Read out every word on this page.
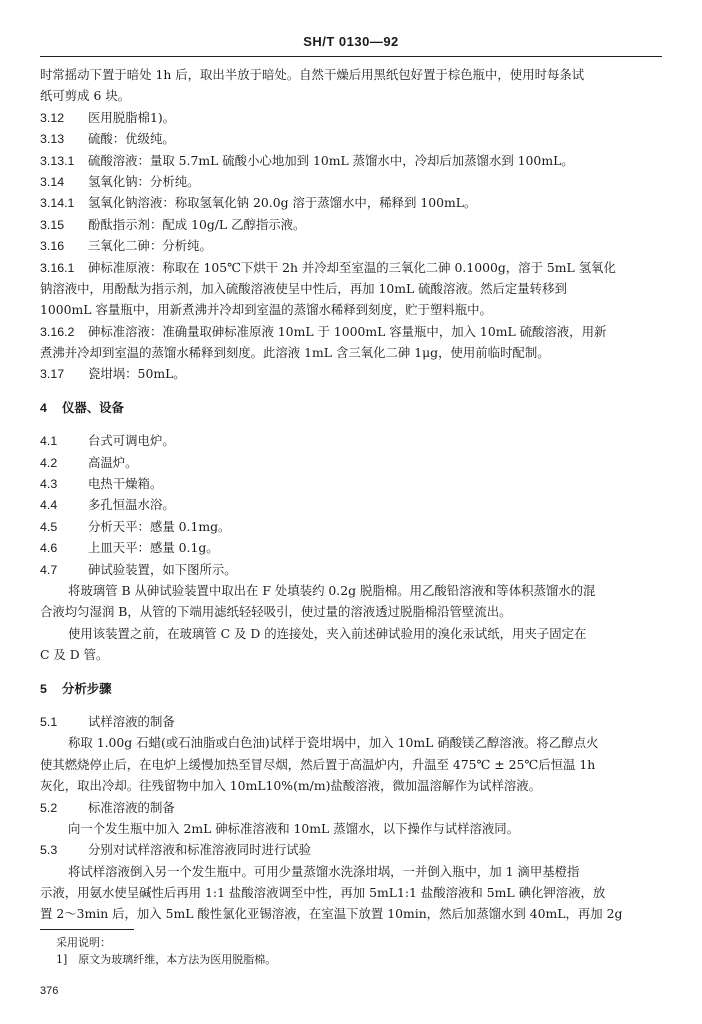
SH/T 0130—92
时常摇动下置于暗处 1h 后，取出半放于暗处。自然干燥后用黑纸包好置于棕色瓶中，使用时每条试
纸可剪成 6 块。
3.12 医用脱脂棉1)。
3.13 硫酸：优级纯。
3.13.1 硫酸溶液：量取 5.7mL 硫酸小心地加到 10mL 蒸馏水中，冷却后加蒸馏水到 100mL。
3.14 氢氧化钠：分析纯。
3.14.1 氢氧化钠溶液：称取氢氧化钠 20.0g 溶于蒸馏水中，稀释到 100mL。
3.15 酚酞指示剂：配成 10g/L 乙醇指示液。
3.16 三氧化二砷：分析纯。
3.16.1 砷标准原液：称取在 105℃下烘干 2h 并冷却至室温的三氧化二砷 0.1000g，溶于 5mL 氢氧化
钠溶液中，用酚酞为指示剂，加入硫酸溶液使呈中性后，再加 10mL 硫酸溶液。然后定量转移到
1000mL 容量瓶中，用新煮沸并冷却到室温的蒸馏水稀释到刻度，贮于塑料瓶中。
3.16.2 砷标准溶液：准确量取砷标准原液 10mL 于 1000mL 容量瓶中，加入 10mL 硫酸溶液，用新
煮沸并冷却到室温的蒸馏水稀释到刻度。此溶液 1mL 含三氧化二砷 1μg，使用前临时配制。
3.17 瓷坩埚：50mL。
4 仪器、设备
4.1 台式可调电炉。
4.2 高温炉。
4.3 电热干燥箱。
4.4 多孔恒温水浴。
4.5 分析天平：感量 0.1mg。
4.6 上皿天平：感量 0.1g。
4.7 砷试验装置，如下图所示。
将玻璃管 B 从砷试验装置中取出在 F 处填装约 0.2g 脱脂棉。用乙酸铅溶液和等体积蒸馏水的混
合液均匀湿润 B，从管的下端用滤纸轻轻吸引，使过量的溶液透过脱脂棉沿管壁流出。
使用该装置之前，在玻璃管 C 及 D 的连接处，夹入前述砷试验用的溴化汞试纸，用夹子固定在
C 及 D 管。
5 分析步骤
5.1 试样溶液的制备
称取 1.00g 石蜡(或石油脂或白色油)试样于瓷坩埚中，加入 10mL 硝酸镁乙醇溶液。将乙醇点火
使其燃烧停止后，在电炉上缓慢加热至冒尽烟，然后置于高温炉内，升温至 475℃ ± 25℃后恒温 1h
灰化，取出冷却。往残留物中加入 10mL10%(m/m)盐酸溶液，微加温溶解作为试样溶液。
5.2 标准溶液的制备
向一个发生瓶中加入 2mL 砷标准溶液和 10mL 蒸馏水，以下操作与试样溶液同。
5.3 分别对试样溶液和标准溶液同时进行试验
将试样溶液倒入另一个发生瓶中。可用少量蒸馏水洗涤坩埚，一并倒入瓶中，加 1 滴甲基橙指
示液，用氨水使呈碱性后再用 1:1 盐酸溶液调至中性，再加 5mL1:1 盐酸溶液和 5mL 碘化钾溶液，放
置 2～3min 后，加入 5mL 酸性氯化亚锡溶液，在室温下放置 10min，然后加蒸馏水到 40mL，再加 2g
采用说明：
1]　原文为玻璃纤维，本方法为医用脱脂棉。
376
